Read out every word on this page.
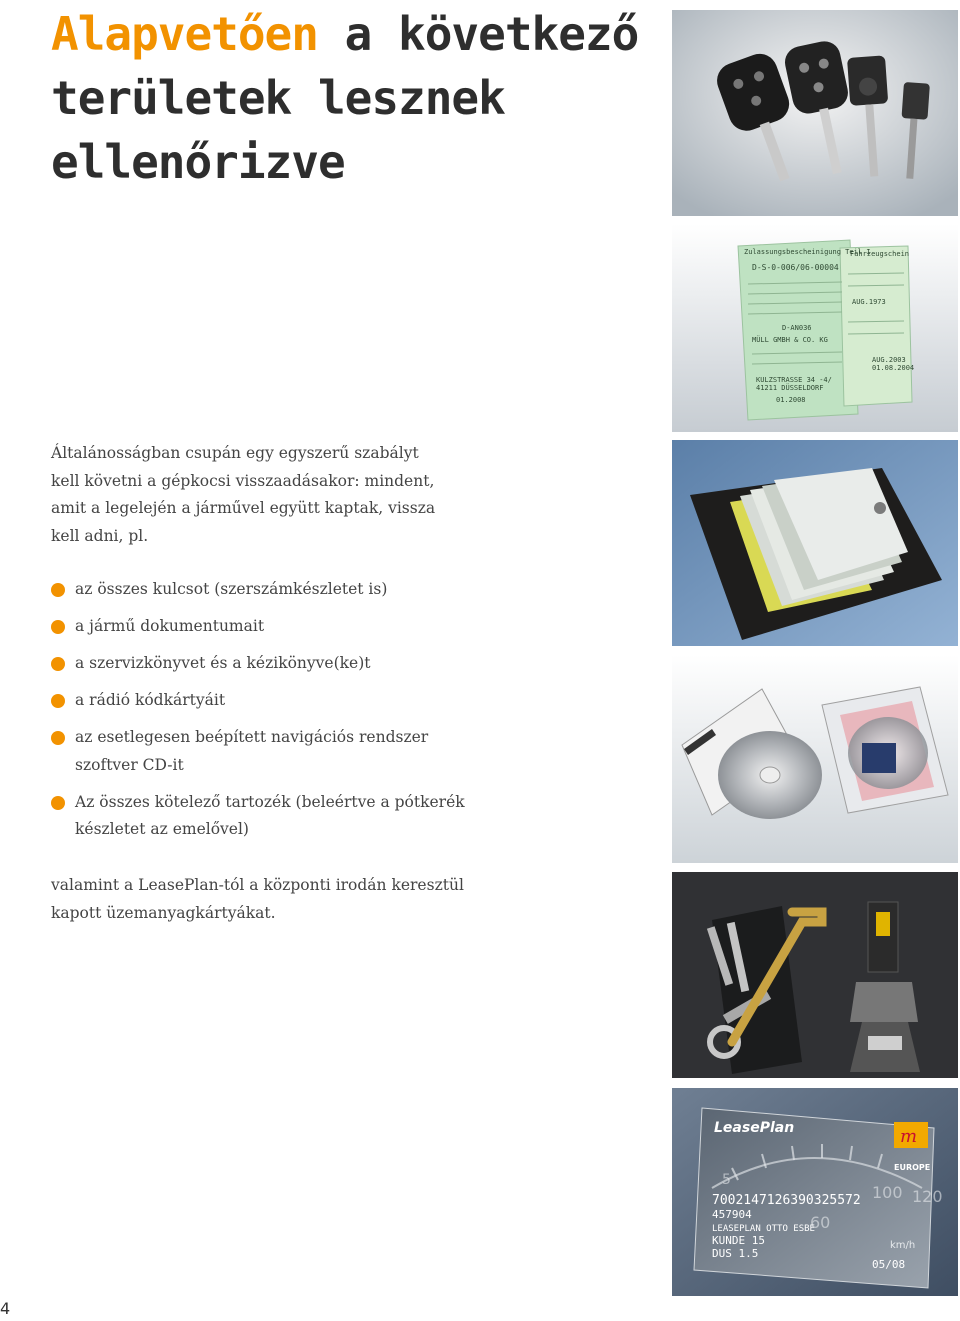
Alapvetően a következő
területek lesznek
ellenőrizve

Általánosságban csupán egy egyszerű szabályt kell követni a gépkocsi visszaadásakor: mindent, amit a legelején a járművel együtt kaptak, vissza kell adni, pl.

az összes kulcsot (szerszámkészletet is)
a jármű dokumentumait
a szervizkönyvet és a kézikönyve(ke)t
a rádió kódkártyáit
az esetlegesen beépített navigációs rendszer szoftver CD-it
Az összes kötelező tartozék (beleértve a pótkerék készletet az emelővel)

valamint a LeasePlan-tól a központi irodán keresztül kapott üzemanyagkártyákat.

4
Zulassungsbescheinigung Teil I
D-S-0-006/06-00004
D-AN036
MÜLL GMBH & CO. KG
KULZSTRASSE 34 -4/
41211 DÜSSELDORF
01.2008
Fahrzeugschein
AUG.1973
AUG.2003
01.08.2004
m
LeasePlan
EUROPE
5
60
100 120
km/h
7002147126390325572
457904
LEASEPLAN OTTO ESBE
KUNDE 15
DUS 1.5
05/08
